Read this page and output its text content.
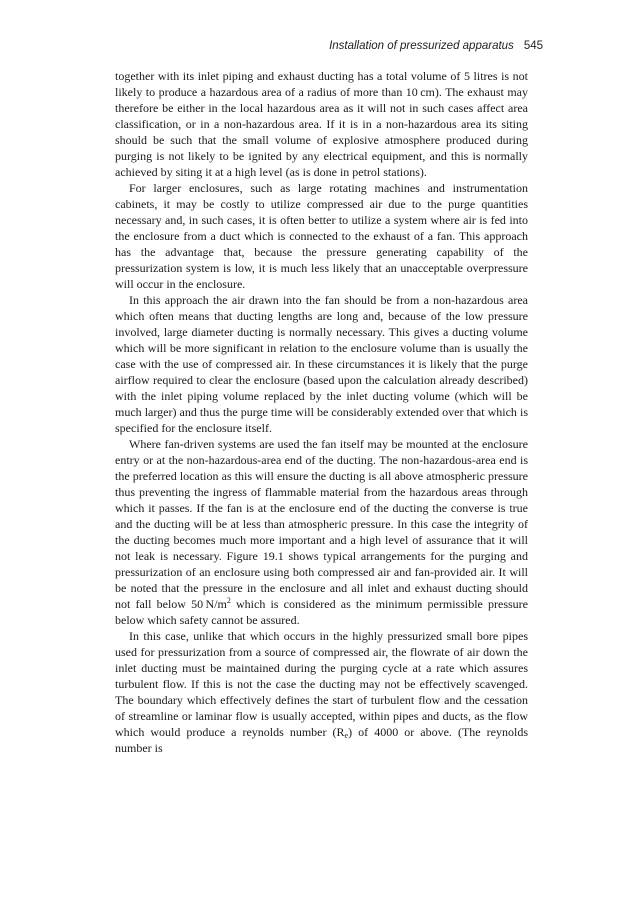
Installation of pressurized apparatus 545

together with its inlet piping and exhaust ducting has a total volume of 5 litres is not likely to produce a hazardous area of a radius of more than 10 cm). The exhaust may therefore be either in the local hazardous area as it will not in such cases affect area classification, or in a non-hazardous area. If it is in a non-hazardous area its siting should be such that the small volume of explosive atmosphere produced during purging is not likely to be ignited by any electrical equipment, and this is normally achieved by siting it at a high level (as is done in petrol stations).

For larger enclosures, such as large rotating machines and instrumentation cabinets, it may be costly to utilize compressed air due to the purge quantities necessary and, in such cases, it is often better to utilize a system where air is fed into the enclosure from a duct which is connected to the exhaust of a fan. This approach has the advantage that, because the pressure generating capability of the pressurization system is low, it is much less likely that an unacceptable overpressure will occur in the enclosure.

In this approach the air drawn into the fan should be from a non-hazardous area which often means that ducting lengths are long and, because of the low pressure involved, large diameter ducting is normally necessary. This gives a ducting volume which will be more significant in relation to the enclosure volume than is usually the case with the use of compressed air. In these circumstances it is likely that the purge airflow required to clear the enclosure (based upon the calculation already described) with the inlet piping volume replaced by the inlet ducting volume (which will be much larger) and thus the purge time will be considerably extended over that which is specified for the enclosure itself.

Where fan-driven systems are used the fan itself may be mounted at the enclosure entry or at the non-hazardous-area end of the ducting. The non-hazardous-area end is the preferred location as this will ensure the ducting is all above atmospheric pressure thus preventing the ingress of flammable material from the hazardous areas through which it passes. If the fan is at the enclosure end of the ducting the converse is true and the ducting will be at less than atmospheric pressure. In this case the integrity of the ducting becomes much more important and a high level of assurance that it will not leak is necessary. Figure 19.1 shows typical arrangements for the purging and pressurization of an enclosure using both compressed air and fan-provided air. It will be noted that the pressure in the enclosure and all inlet and exhaust ducting should not fall below 50 $N/m^2$ which is considered as the minimum permissible pressure below which safety cannot be assured.

In this case, unlike that which occurs in the highly pressurized small bore pipes used for pressurization from a source of compressed air, the flowrate of air down the inlet ducting must be maintained during the purging cycle at a rate which assures turbulent flow. If this is not the case the ducting may not be effectively scavenged. The boundary which effectively defines the start of turbulent flow and the cessation of streamline or laminar flow is usually accepted, within pipes and ducts, as the flow which would produce a reynolds number $(R_e)$ of 4000 or above. (The reynolds number is
